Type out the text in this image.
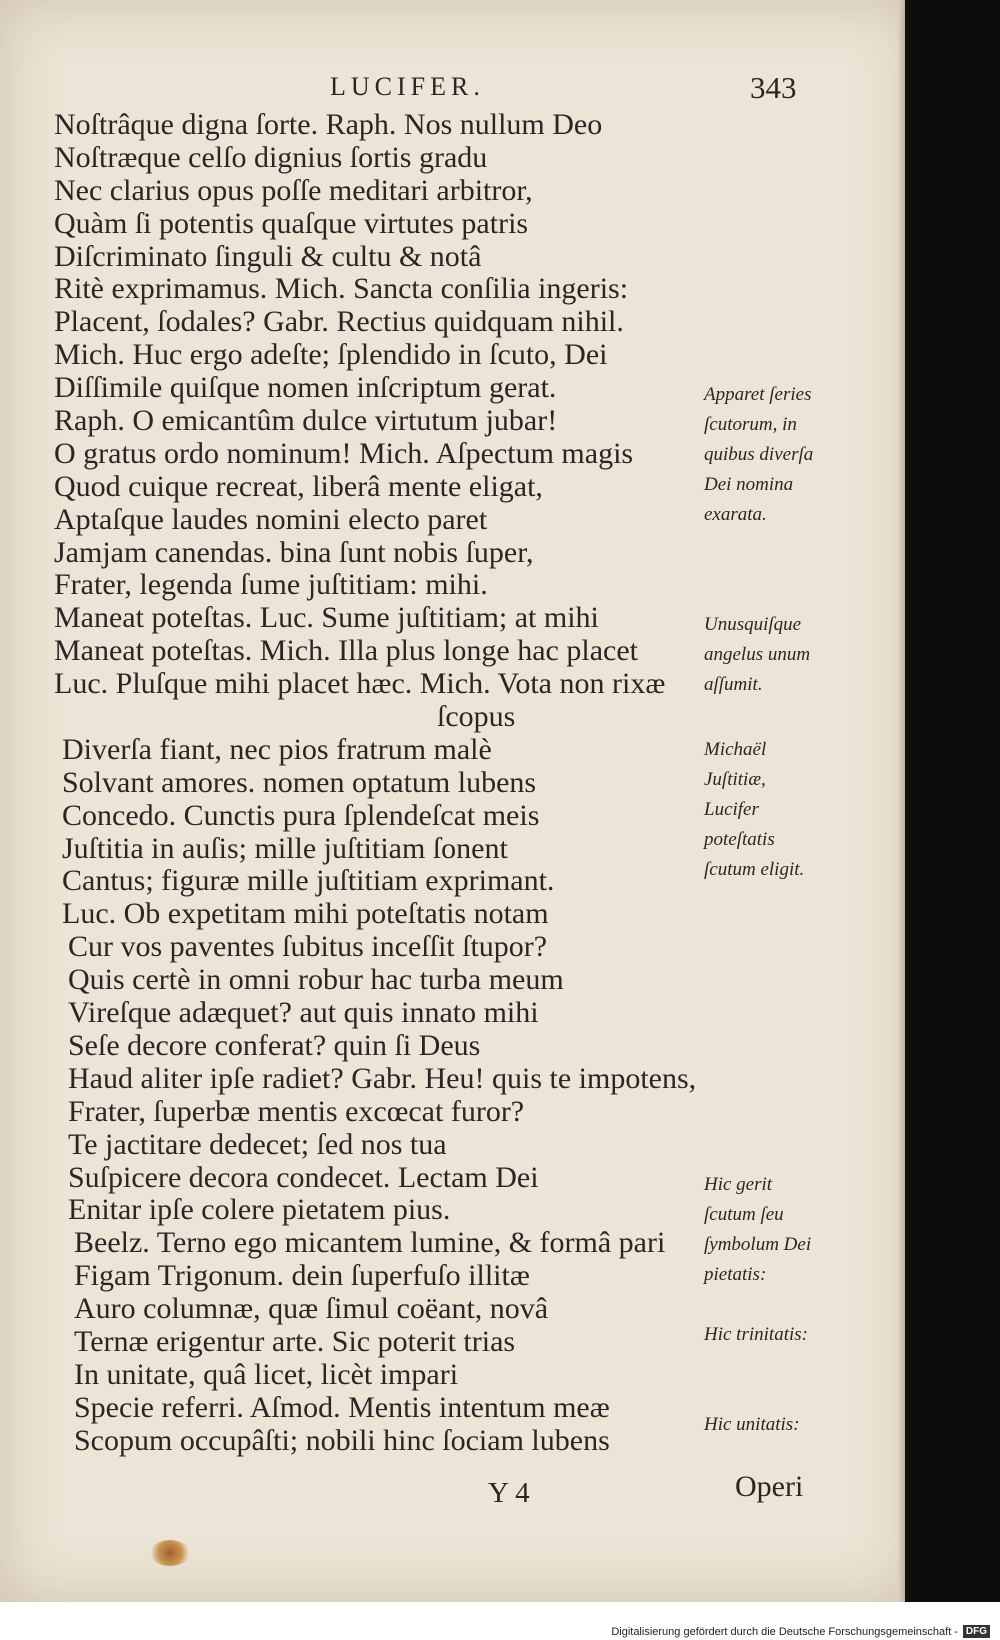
LUCIFER.	343
Noſtrâque digna ſorte. Raph. Nos nullum Deo
Noſtræque celſo dignius ſortis gradu
Nec clarius opus poſſe meditari arbitror,
Quàm ſi potentis quaſque virtutes patris
Diſcriminato ſinguli & cultu & notâ
Ritè exprimamus. Mich. Sancta conſilia ingeris:
Placent, ſodales? Gabr. Rectius quidquam nihil.
Mich. Huc ergo adeſte; ſplendido in ſcuto, Dei
Diſſimile quiſque nomen inſcriptum gerat.
Raph. O emicantûm dulce virtutum jubar!
O gratus ordo nominum! Mich. Aſpectum magis
Quod cuique recreat, liberâ mente eligat,
Aptaſque laudes nomini electo paret
Jamjam canendas. bina ſunt nobis ſuper,
Frater, legenda ſume juſtitiam: mihi.
Maneat poteſtas. Luc. Sume juſtitiam; at mihi
Maneat poteſtas. Mich. Illa plus longe hac placet
Luc. Pluſque mihi placet hæc. Mich. Vota non rixæ
ſcopus
Diverſa fiant, nec pios fratrum malè
Solvant amores. nomen optatum lubens
Concedo. Cunctis pura ſplendeſcat meis
Juſtitia in auſis; mille juſtitiam ſonent
Cantus; figuræ mille juſtitiam exprimant.
Luc. Ob expetitam mihi poteſtatis notam
Cur vos paventes ſubitus inceſſit ſtupor?
Quis certè in omni robur hac turba meum
Vireſque adæquet? aut quis innato mihi
Seſe decore conferat? quin ſi Deus
Haud aliter ipſe radiet? Gabr. Heu! quis te impotens,
Frater, ſuperbæ mentis excœcat furor?
Te jactitare dedecet; ſed nos tua
Suſpicere decora condecet. Lectam Dei
Enitar ipſe colere pietatem pius.
Beelz. Terno ego micantem lumine, & formâ pari
Figam Trigonum. dein ſuperfuſo illitæ
Auro columnæ, quæ ſimul coëant, novâ
Ternæ erigentur arte. Sic poterit trias
In unitate, quâ licet, licèt impari
Specie referri. Aſmod. Mentis intentum meæ
Scopum occupâſti; nobili hinc ſociam lubens
Apparet ſeries ſcutorum, in quibus diverſa Dei nomina exarata.
Unusquiſque angelus unum aſſumit.
Michaël Juſtitiæ, Lucifer poteſtatis ſcutum eligit.
Hic gerit ſcutum ſeu ſymbolum Dei pietatis:
Hic trinitatis:
Hic unitatis:
Y 4	Operi
Digitalisierung gefördert durch die Deutsche Forschungsgemeinschaft - DFG
